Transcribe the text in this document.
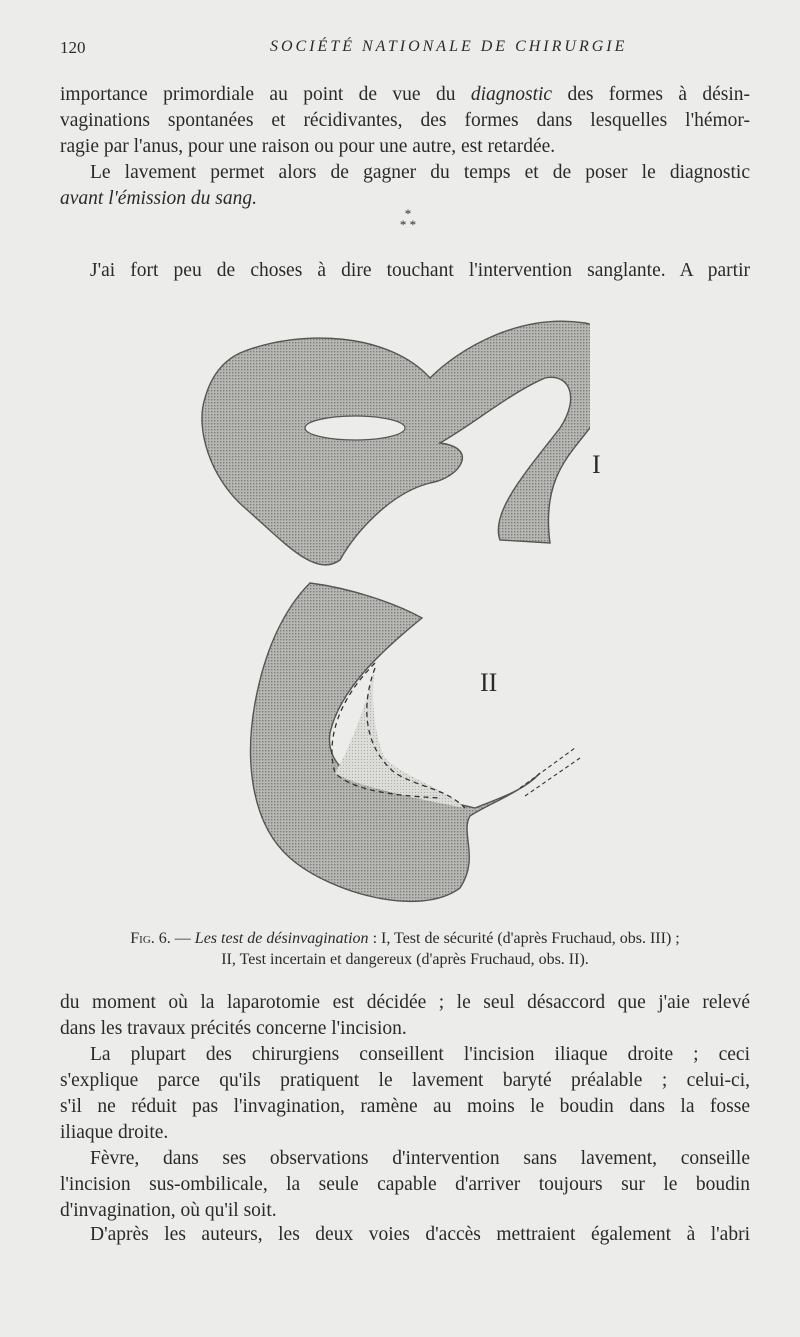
120	SOCIÉTÉ NATIONALE DE CHIRURGIE
importance primordiale au point de vue du diagnostic des formes à désin-
vaginations spontanées et récidivantes, des formes dans lesquelles l'hémor-
ragie par l'anus, pour une raison ou pour une autre, est retardée.
Le lavement permet alors de gagner du temps et de poser le diagnostic
avant l'émission du sang.
*
* *
J'ai fort peu de choses à dire touchant l'intervention sanglante. A partir
I
II
Fig. 6. — Les test de désinvagination : I, Test de sécurité (d'après Fruchaud, obs. III) ;
II, Test incertain et dangereux (d'après Fruchaud, obs. II).
du moment où la laparotomie est décidée ; le seul désaccord que j'aie relevé
dans les travaux précités concerne l'incision.
La plupart des chirurgiens conseillent l'incision iliaque droite ; ceci
s'explique parce qu'ils pratiquent le lavement baryté préalable ; celui-ci,
s'il ne réduit pas l'invagination, ramène au moins le boudin dans la fosse
iliaque droite.
Fèvre, dans ses observations d'intervention sans lavement, conseille
l'incision sus-ombilicale, la seule capable d'arriver toujours sur le boudin
d'invagination, où qu'il soit.
D'après les auteurs, les deux voies d'accès mettraient également à l'abri
